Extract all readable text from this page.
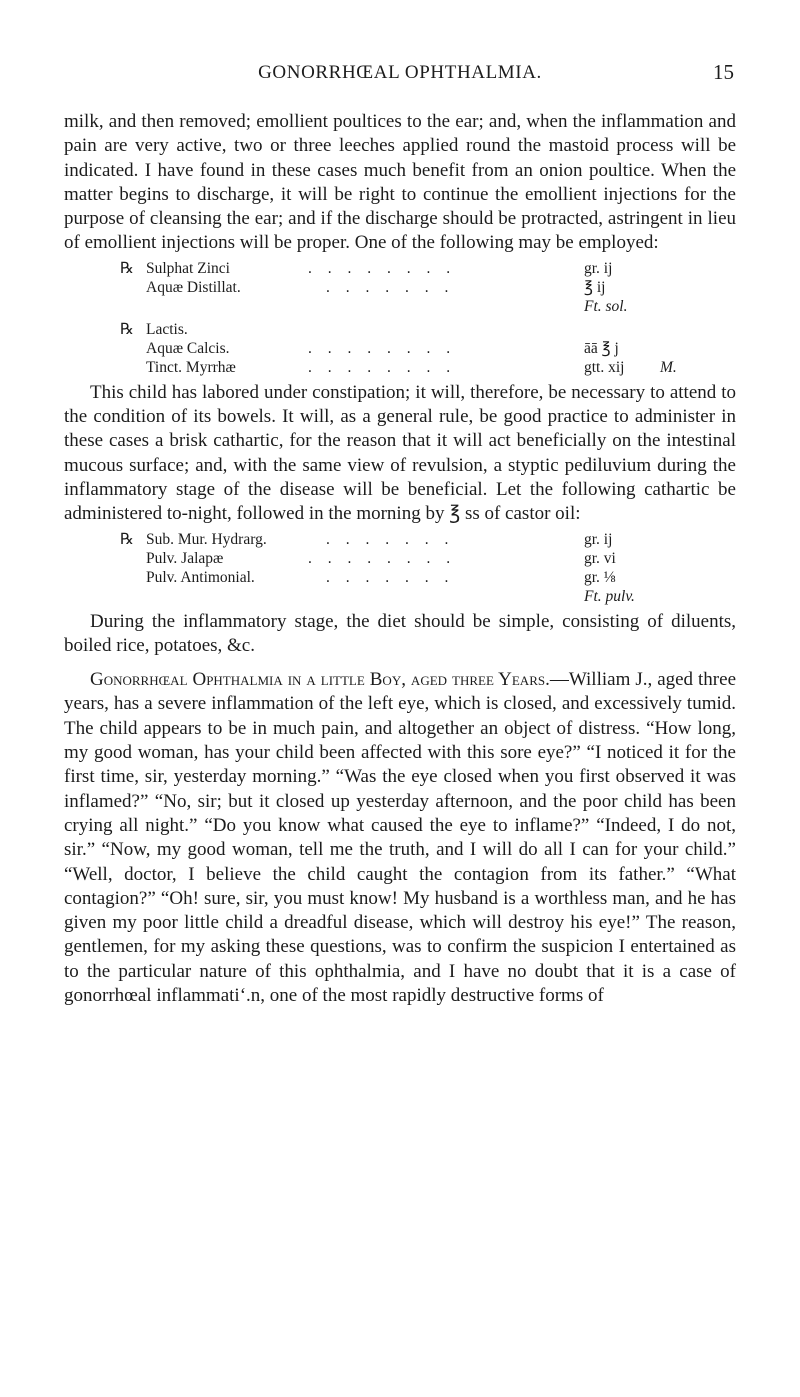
GONORRHŒAL OPHTHALMIA.	15

milk, and then removed; emollient poultices to the ear; and, when the inflammation and pain are very active, two or three leeches applied round the mastoid process will be indicated. I have found in these cases much benefit from an onion poultice. When the matter begins to discharge, it will be right to continue the emollient injections for the purpose of cleansing the ear; and if the discharge should be protracted, astringent in lieu of emollient injections will be proper. One of the following may be employed:

℞ Sulphat Zinci	. . . . . . . .	gr. ij
Aquæ Distillat.	. . . . . . .	℥ ij
Ft. sol.
℞ Lactis.
Aquæ Calcis.	. . . . . . . .	āā ℥ j
Tinct. Myrrhæ	. . . . . . . .	gtt. xij M.

This child has labored under constipation; it will, therefore, be necessary to attend to the condition of its bowels. It will, as a general rule, be good practice to administer in these cases a brisk cathartic, for the reason that it will act beneficially on the intestinal mucous surface; and, with the same view of revulsion, a styptic pediluvium during the inflammatory stage of the disease will be beneficial. Let the following cathartic be administered to-night, followed in the morning by ℥ ss of castor oil:

℞ Sub. Mur. Hydrarg.	. . . . . . .	gr. ij
Pulv. Jalapæ	. . . . . . . .	gr. vi
Pulv. Antimonial.	. . . . . . .	gr. ⅛
Ft. pulv.

During the inflammatory stage, the diet should be simple, consisting of diluents, boiled rice, potatoes, &c.

Gonorrhœal Ophthalmia in a little Boy, aged three Years.—William J., aged three years, has a severe inflammation of the left eye, which is closed, and excessively tumid. The child appears to be in much pain, and altogether an object of distress. “How long, my good woman, has your child been affected with this sore eye?” “I noticed it for the first time, sir, yesterday morning.” “Was the eye closed when you first observed it was inflamed?” “No, sir; but it closed up yesterday afternoon, and the poor child has been crying all night.” “Do you know what caused the eye to inflame?” “Indeed, I do not, sir.” “Now, my good woman, tell me the truth, and I will do all I can for your child.” “Well, doctor, I believe the child caught the contagion from its father.” “What contagion?” “Oh! sure, sir, you must know! My husband is a worthless man, and he has given my poor little child a dreadful disease, which will destroy his eye!” The reason, gentlemen, for my asking these questions, was to confirm the suspicion I entertained as to the particular nature of this ophthalmia, and I have no doubt that it is a case of gonorrhœal inflammati‘.n, one of the most rapidly destructive forms of
